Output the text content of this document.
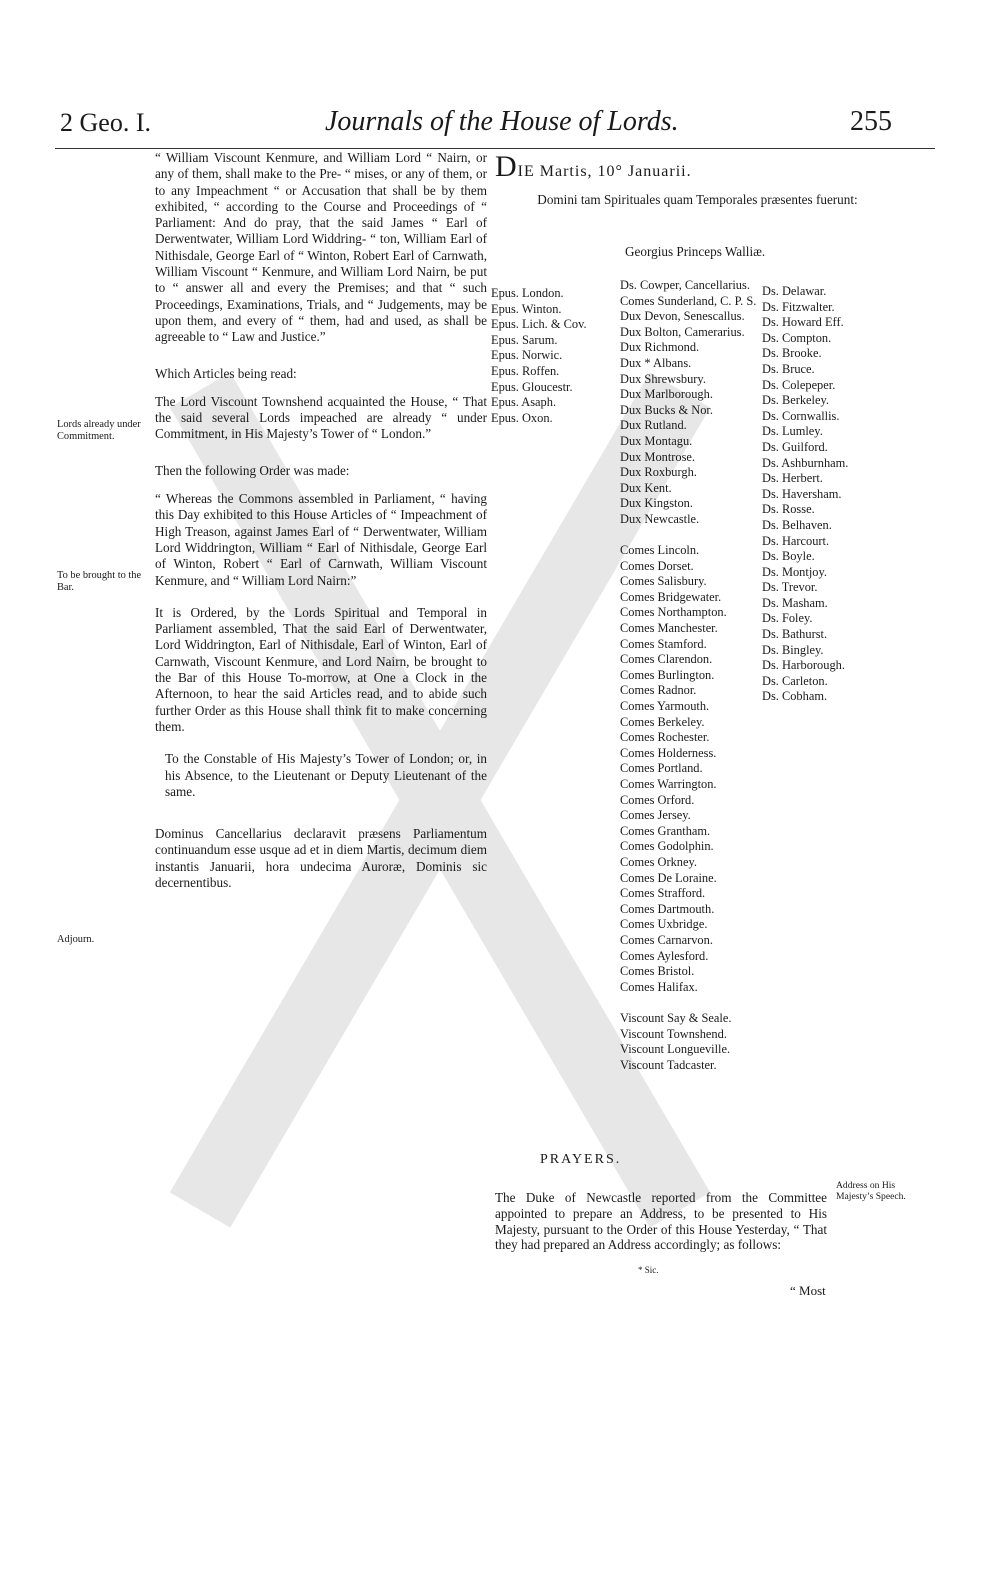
2 Geo. I.	Journals of the House of Lords.	255
Lords already under Commitment.
To be brought to the Bar.
Adjourn.
Address on His Majesty’s Speech.

“ William Viscount Kenmure, and William Lord “ Nairn, or any of them, shall make to the Pre- “ mises, or any of them, or to any Impeachment “ or Accusation that shall be by them exhibited, “ according to the Course and Proceedings of “ Parliament: And do pray, that the said James “ Earl of Derwentwater, William Lord Widdring- “ ton, William Earl of Nithisdale, George Earl of “ Winton, Robert Earl of Carnwath, William Viscount “ Kenmure, and William Lord Nairn, be put to “ answer all and every the Premises; and that “ such Proceedings, Examinations, Trials, and “ Judgements, may be upon them, and every of “ them, had and used, as shall be agreeable to “ Law and Justice.”

Which Articles being read:

The Lord Viscount Townshend acquainted the House, “ That the said several Lords impeached are already “ under Commitment, in His Majesty’s Tower of “ London.”

Then the following Order was made:

“ Whereas the Commons assembled in Parliament, “ having this Day exhibited to this House Articles of “ Impeachment of High Treason, against James Earl of “ Derwentwater, William Lord Widdrington, William “ Earl of Nithisdale, George Earl of Winton, Robert “ Earl of Carnwath, William Viscount Kenmure, and “ William Lord Nairn:”

It is Ordered, by the Lords Spiritual and Temporal in Parliament assembled, That the said Earl of Derwentwater, Lord Widdrington, Earl of Nithisdale, Earl of Winton, Earl of Carnwath, Viscount Kenmure, and Lord Nairn, be brought to the Bar of this House To-morrow, at One a Clock in the Afternoon, to hear the said Articles read, and to abide such further Order as this House shall think fit to make concerning them.

To the Constable of His Majesty’s Tower of London; or, in his Absence, to the Lieutenant or Deputy Lieutenant of the same.

Dominus Cancellarius declaravit præsens Parliamentum continuandum esse usque ad et in diem Martis, decimum diem instantis Januarii, hora undecima Auroræ, Dominis sic decernentibus.

DIE Martis, 10° Januarii.
Domini tam Spirituales quam Temporales præsentes fuerunt:
Georgius Princeps Walliæ.
Epus. London.
Epus. Winton.
Epus. Lich. & Cov.
Epus. Sarum.
Epus. Norwic.
Epus. Roffen.
Epus. Gloucestr.
Epus. Asaph.
Epus. Oxon.
Ds. Cowper, Cancellarius.
Comes Sunderland, C. P. S.
Dux Devon, Senescallus.
Dux Bolton, Camerarius.
Dux Richmond.
Dux * Albans.
Dux Shrewsbury.
Dux Marlborough.
Dux Bucks & Nor.
Dux Rutland.
Dux Montagu.
Dux Montrose.
Dux Roxburgh.
Dux Kent.
Dux Kingston.
Dux Newcastle.

Comes Lincoln.
Comes Dorset.
Comes Salisbury.
Comes Bridgewater.
Comes Northampton.
Comes Manchester.
Comes Stamford.
Comes Clarendon.
Comes Burlington.
Comes Radnor.
Comes Yarmouth.
Comes Berkeley.
Comes Rochester.
Comes Holderness.
Comes Portland.
Comes Warrington.
Comes Orford.
Comes Jersey.
Comes Grantham.
Comes Godolphin.
Comes Orkney.
Comes De Loraine.
Comes Strafford.
Comes Dartmouth.
Comes Uxbridge.
Comes Carnarvon.
Comes Aylesford.
Comes Bristol.
Comes Halifax.

Viscount Say & Seale.
Viscount Townshend.
Viscount Longueville.
Viscount Tadcaster.
Ds. Delawar.
Ds. Fitzwalter.
Ds. Howard Eff.
Ds. Compton.
Ds. Brooke.
Ds. Bruce.
Ds. Colepeper.
Ds. Berkeley.
Ds. Cornwallis.
Ds. Lumley.
Ds. Guilford.
Ds. Ashburnham.
Ds. Herbert.
Ds. Haversham.
Ds. Rosse.
Ds. Belhaven.
Ds. Harcourt.
Ds. Boyle.
Ds. Montjoy.
Ds. Trevor.
Ds. Masham.
Ds. Foley.
Ds. Bathurst.
Ds. Bingley.
Ds. Harborough.
Ds. Carleton.
Ds. Cobham.
PRAYERS.
The Duke of Newcastle reported from the Committee appointed to prepare an Address, to be presented to His Majesty, pursuant to the Order of this House Yesterday, “ That they had prepared an Address accordingly; as follows:
* Sic.
“ Most
